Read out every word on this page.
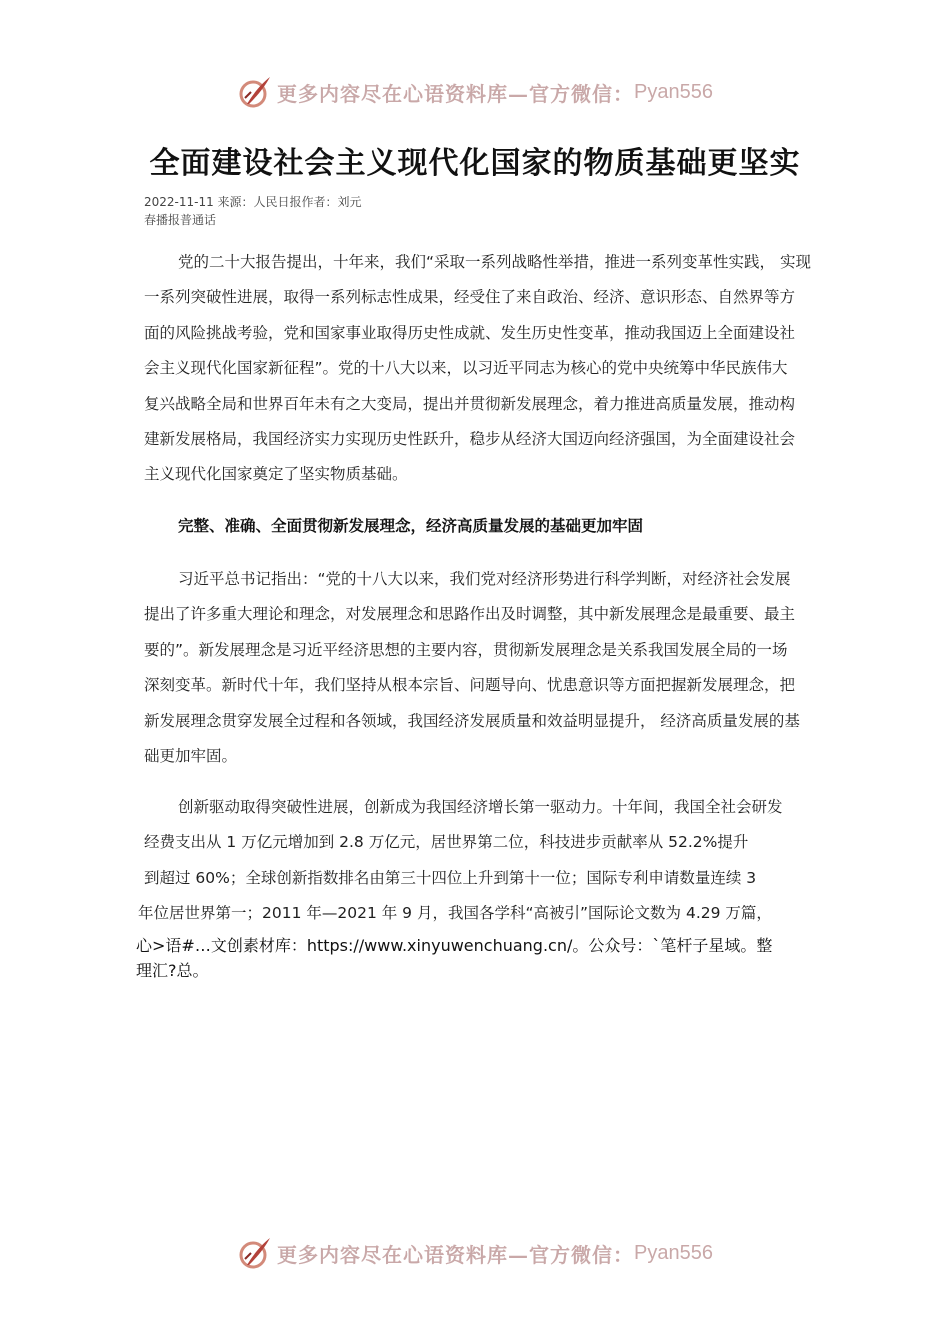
更多内容尽在心语资料库—官方微信： Pyan556
全面建设社会主义现代化国家的物质基础更坚实
2022-11-11 来源：人民日报作者：刘元
春播报普通话
党的二十大报告提出，十年来，我们“采取一系列战略性举措，推进一系列变革性实践， 实现
一系列突破性进展，取得一系列标志性成果，经受住了来自政治、经济、意识形态、自然界等方
面的风险挑战考验，党和国家事业取得历史性成就、发生历史性变革，推动我国迈上全面建设社
会主义现代化国家新征程”。党的十八大以来，以习近平同志为核心的党中央统筹中华民族伟大
复兴战略全局和世界百年未有之大变局，提出并贯彻新发展理念，着力推进高质量发展，推动构
建新发展格局，我国经济实力实现历史性跃升，稳步从经济大国迈向经济强国，为全面建设社会
主义现代化国家奠定了坚实物质基础。
完整、准确、全面贯彻新发展理念，经济高质量发展的基础更加牢固
习近平总书记指出：“党的十八大以来，我们党对经济形势进行科学判断，对经济社会发展
提出了许多重大理论和理念，对发展理念和思路作出及时调整，其中新发展理念是最重要、最主
要的”。新发展理念是习近平经济思想的主要内容，贯彻新发展理念是关系我国发展全局的一场
深刻变革。新时代十年，我们坚持从根本宗旨、问题导向、忧患意识等方面把握新发展理念，把
新发展理念贯穿发展全过程和各领域，我国经济发展质量和效益明显提升， 经济高质量发展的基
础更加牢固。
创新驱动取得突破性进展，创新成为我国经济增长第一驱动力。十年间，我国全社会研发
经费支出从 1 万亿元增加到 2.8 万亿元，居世界第二位，科技进步贡献率从 52.2%提升
到超过 60%；全球创新指数排名由第三十四位上升到第十一位；国际专利申请数量连续 3
年位居世界第一；2011 年—2021 年 9 月，我国各学科“高被引”国际论文数为 4.29 万篇，
心>语#…文创素材库：https://www.xinyuwenchuang.cn/。公众号：`笔杆子星域。整
理汇?总。
更多内容尽在心语资料库—官方微信： Pyan556
